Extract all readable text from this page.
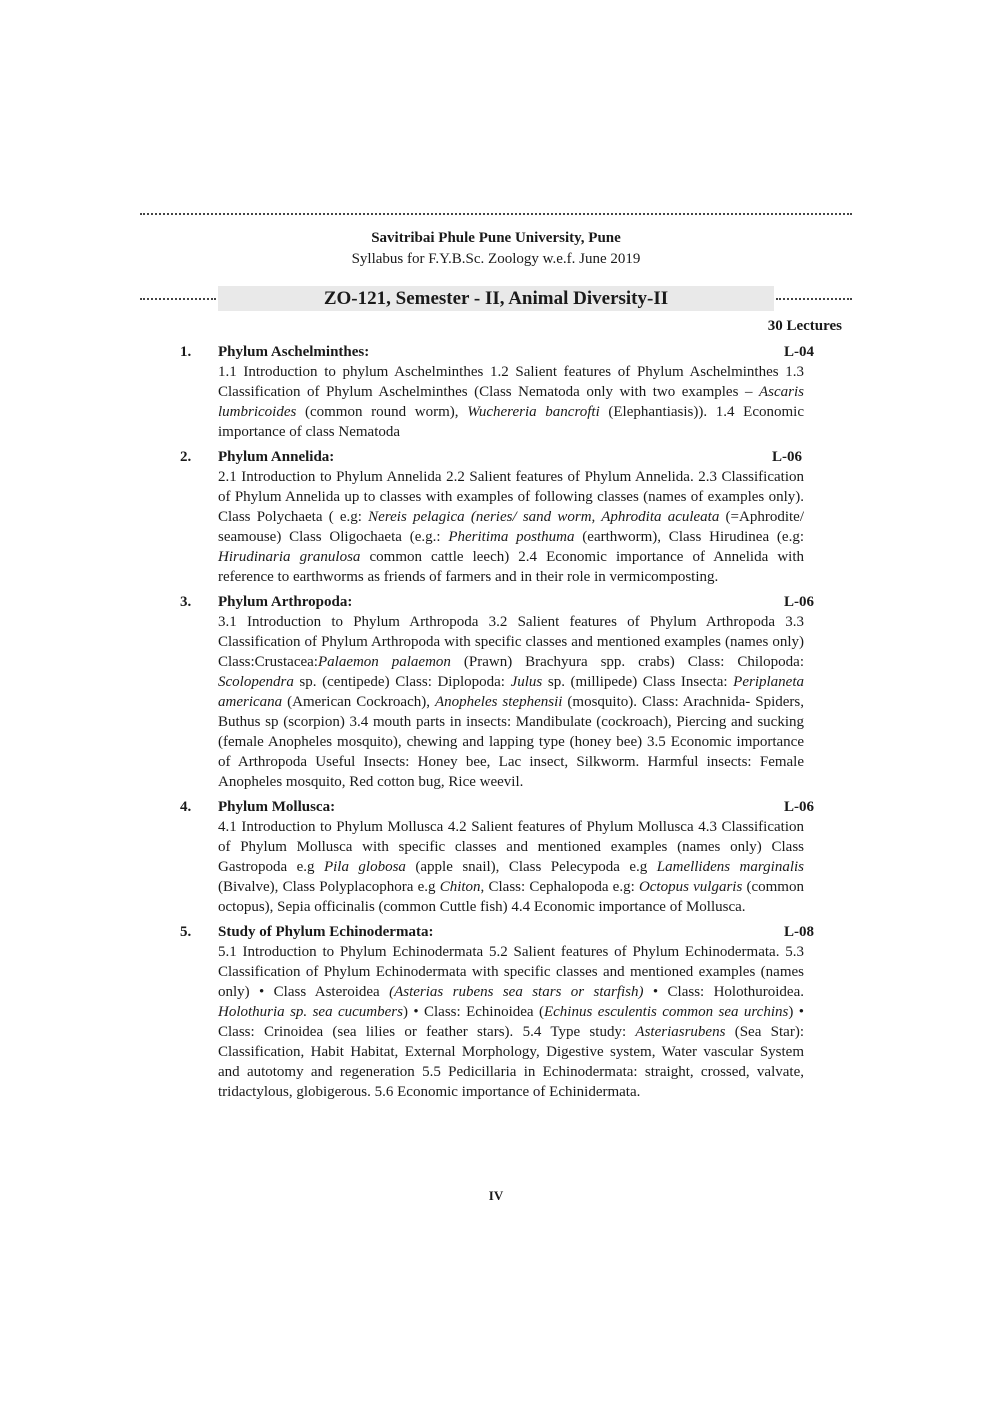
Savitribai Phule Pune University, Pune
Syllabus for F.Y.B.Sc. Zoology w.e.f. June 2019
ZO-121, Semester - II, Animal Diversity-II
30 Lectures
1. Phylum Aschelminthes:	L-04
1.1 Introduction to phylum Aschelminthes 1.2 Salient features of Phylum Aschelminthes 1.3 Classification of Phylum Aschelminthes (Class Nematoda only with two examples – Ascaris lumbricoides (common round worm), Wuchereria bancrofti (Elephantiasis)). 1.4 Economic importance of class Nematoda
2. Phylum Annelida:	L-06
2.1 Introduction to Phylum Annelida 2.2 Salient features of Phylum Annelida. 2.3 Classification of Phylum Annelida up to classes with examples of following classes (names of examples only). Class Polychaeta ( e.g: Nereis pelagica (neries/ sand worm, Aphrodita aculeata (=Aphrodite/ seamouse) Class Oligochaeta (e.g.: Pheritima posthuma (earthworm), Class Hirudinea (e.g: Hirudinaria granulosa common cattle leech) 2.4 Economic importance of Annelida with reference to earthworms as friends of farmers and in their role in vermicomposting.
3. Phylum Arthropoda:	L-06
3.1 Introduction to Phylum Arthropoda 3.2 Salient features of Phylum Arthropoda 3.3 Classification of Phylum Arthropoda with specific classes and mentioned examples (names only) Class:Crustacea:Palaemon palaemon (Prawn) Brachyura spp. crabs) Class: Chilopoda: Scolopendra sp. (centipede) Class: Diplopoda: Julus sp. (millipede) Class Insecta: Periplaneta americana (American Cockroach), Anopheles stephensii (mosquito). Class: Arachnida- Spiders, Buthus sp (scorpion) 3.4 mouth parts in insects: Mandibulate (cockroach), Piercing and sucking (female Anopheles mosquito), chewing and lapping type (honey bee) 3.5 Economic importance of Arthropoda Useful Insects: Honey bee, Lac insect, Silkworm. Harmful insects: Female Anopheles mosquito, Red cotton bug, Rice weevil.
4. Phylum Mollusca:	L-06
4.1 Introduction to Phylum Mollusca 4.2 Salient features of Phylum Mollusca 4.3 Classification of Phylum Mollusca with specific classes and mentioned examples (names only) Class Gastropoda e.g Pila globosa (apple snail), Class Pelecypoda e.g Lamellidens marginalis (Bivalve), Class Polyplacophora e.g Chiton, Class: Cephalopoda e.g: Octopus vulgaris (common octopus), Sepia officinalis (common Cuttle fish) 4.4 Economic importance of Mollusca.
5. Study of Phylum Echinodermata:	L-08
5.1 Introduction to Phylum Echinodermata 5.2 Salient features of Phylum Echinodermata. 5.3 Classification of Phylum Echinodermata with specific classes and mentioned examples (names only) • Class Asteroidea (Asterias rubens sea stars or starfish) • Class: Holothuroidea. Holothuria sp. sea cucumbers) • Class: Echinoidea (Echinus esculentis common sea urchins) • Class: Crinoidea (sea lilies or feather stars). 5.4 Type study: Asteriasrubens (Sea Star): Classification, Habit Habitat, External Morphology, Digestive system, Water vascular System and autotomy and regeneration 5.5 Pedicillaria in Echinodermata: straight, crossed, valvate, tridactylous, globigerous. 5.6 Economic importance of Echinidermata.
IV
